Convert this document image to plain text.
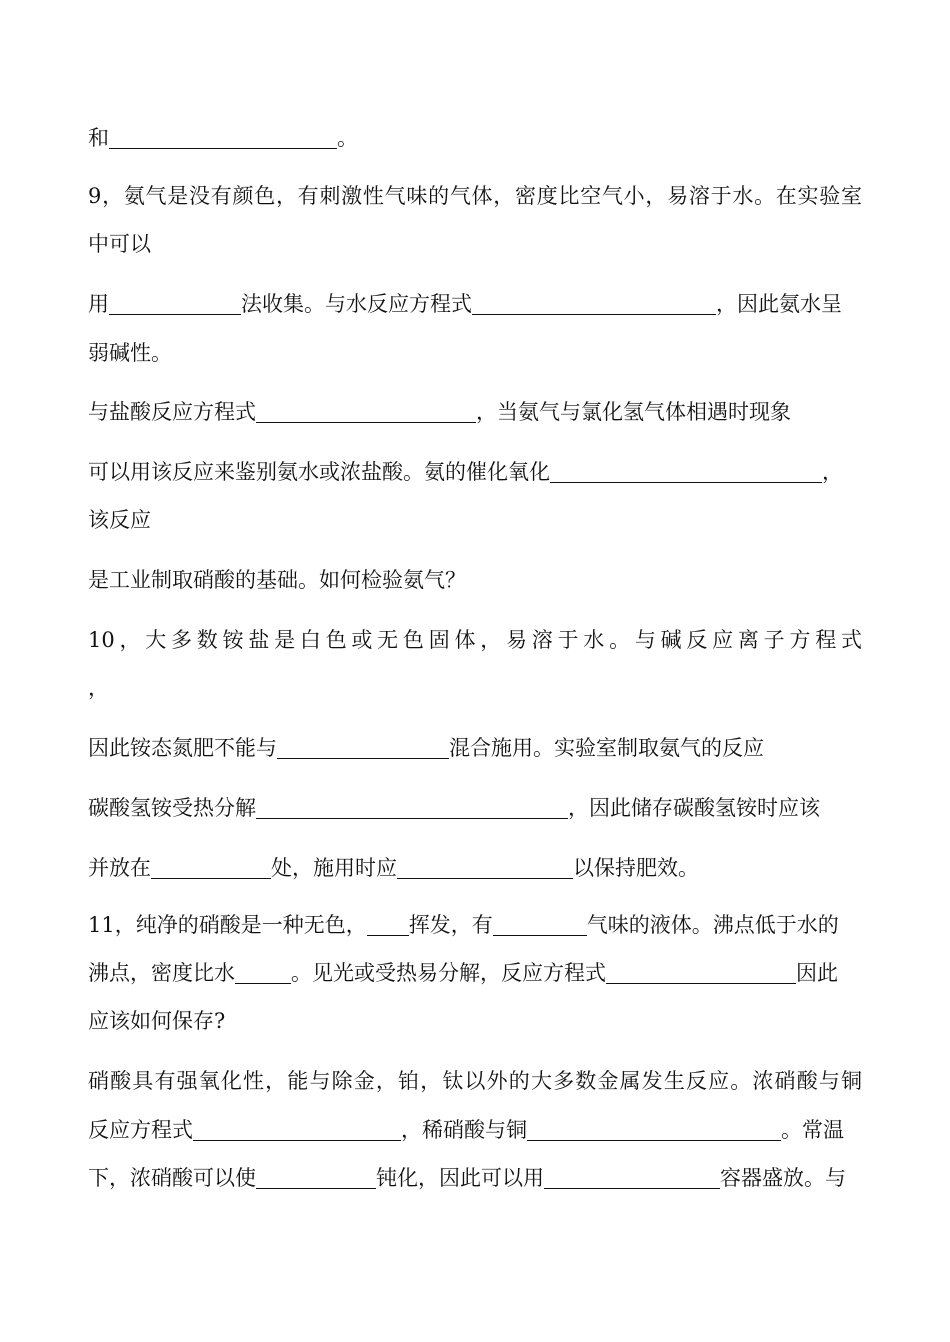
和	。
9，氨气是没有颜色，有刺激性气味的气体，密度比空气小，易溶于水。在实验室
中可以
用	法收集。与水反应方程式	，因此氨水呈
弱碱性。
与盐酸反应方程式	，当氨气与氯化氢气体相遇时现象
可以用该反应来鉴别氨水或浓盐酸。氨的催化氧化	，
该反应
是工业制取硝酸的基础。如何检验氨气？
10，大多数铵盐是白色或无色固体，易溶于水。与碱反应离子方程式
，
因此铵态氮肥不能与	混合施用。实验室制取氨气的反应
碳酸氢铵受热分解	，因此储存碳酸氢铵时应该
并放在	处，施用时应	以保持肥效。
11，纯净的硝酸是一种无色， 挥发，有	气味的液体。沸点低于水的
沸点，密度比水	。见光或受热易分解，反应方程式	因此
应该如何保存?
硝酸具有强氧化性，能与除金，铂，钛以外的大多数金属发生反应。浓硝酸与铜
反应方程式	，稀硝酸与铜	。常温
下，浓硝酸可以使	钝化，因此可以用	容器盛放。与
